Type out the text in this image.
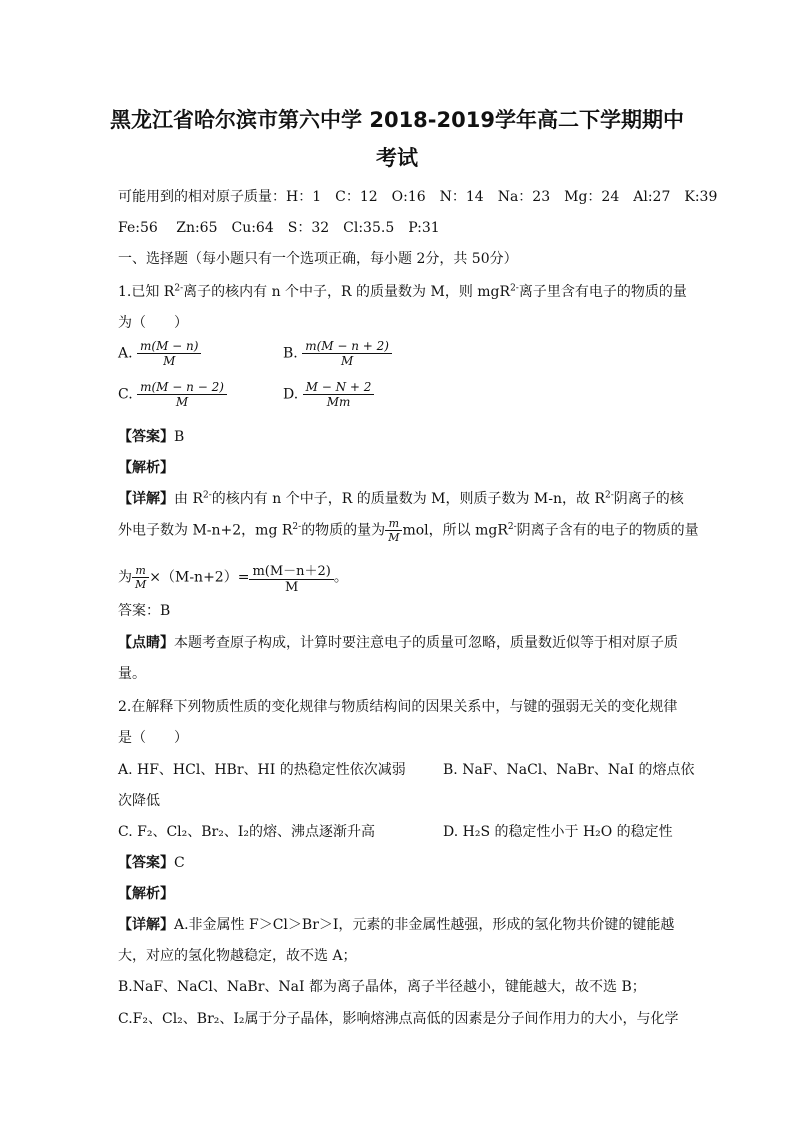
黑龙江省哈尔滨市第六中学 2018-2019学年高二下学期期中
考试
可能用到的相对原子质量：H：1　C：12　O:16　N：14　Na：23　Mg：24　Al:27　K:39
Fe:56　 Zn:65　Cu:64　S：32　Cl:35.5　P:31
一、选择题（每小题只有一个选项正确，每小题 2分，共 50分）
1.已知 $R^{2-}$离子的核内有 n 个中子，R 的质量数为 M，则 mgR$^{2-}$离子里含有电子的物质的量
为（　　）
A. $\frac{m(M - n)}{M}$	B. $\frac{m(M - n + 2)}{M}$
C. $\frac{m(M - n - 2)}{M}$	D. $\frac{M - N + 2}{Mm}$
【答案】B
【解析】
【详解】由 $R^{2-}$的核内有 n 个中子，R 的质量数为 M，则质子数为 M-n，故 $R^{2-}$阴离子的核
外电子数为 M-n+2，mg $R^{2-}$的物质的量为 $\frac{m}{M}$ mol，所以 mgR$^{2-}$阴离子含有的电子的物质的量
为 $\frac{m}{M} \times(M-n+2)= \frac{m(M-n+2)}{M}$ 。
答案：B
【点睛】本题考查原子构成，计算时要注意电子的质量可忽略，质量数近似等于相对原子质
量。
2.在解释下列物质性质的变化规律与物质结构间的因果关系中，与键的强弱无关的变化规律
是（　　）
A. HF、HCl、HBr、HI 的热稳定性依次减弱	B. NaF、NaCl、NaBr、NaI 的熔点依
次降低
C. F₂、Cl₂、Br₂、I₂的熔、沸点逐渐升高	D. H₂S 的稳定性小于 H₂O 的稳定性
【答案】C
【解析】
【详解】A.非金属性 F＞Cl＞Br＞I，元素的非金属性越强，形成的氢化物共价键的键能越
大，对应的氢化物越稳定，故不选 A；
B.NaF、NaCl、NaBr、NaI 都为离子晶体，离子半径越小，键能越大，故不选 B；
C.F₂、Cl₂、Br₂、I₂属于分子晶体，影响熔沸点高低的因素是分子间作用力的大小，与化学
